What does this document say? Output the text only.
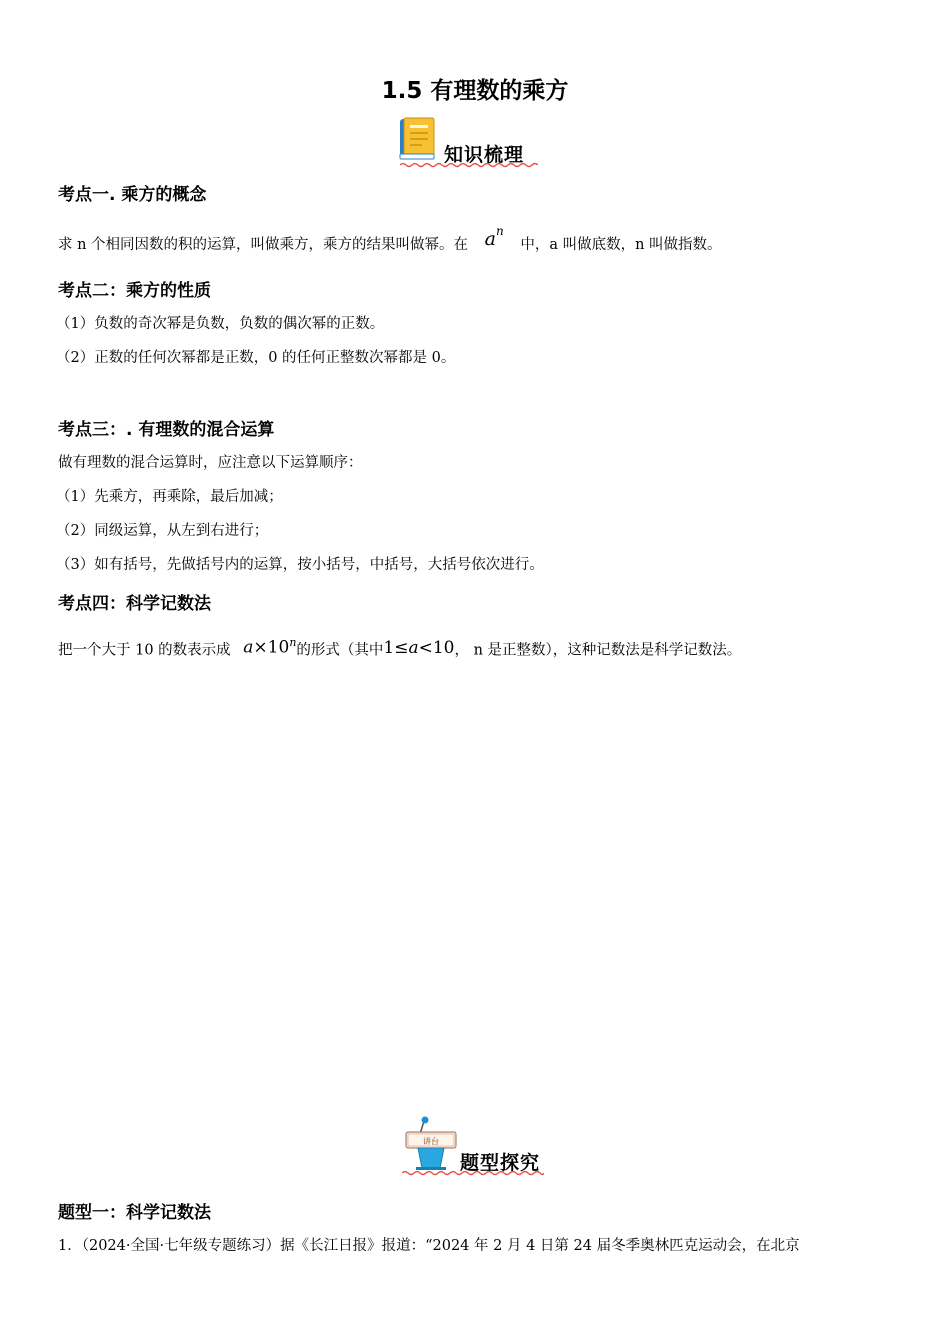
1.5 有理数的乘方
知识梳理
考点一. 乘方的概念
求 n 个相同因数的积的运算，叫做乘方，乘方的结果叫做幂。在 $a^n$ 中，a 叫做底数，n 叫做指数。
考点二：乘方的性质
（1）负数的奇次幂是负数，负数的偶次幂的正数。
（2）正数的任何次幂都是正数，0 的任何正整数次幂都是 0。
考点三：. 有理数的混合运算
做有理数的混合运算时，应注意以下运算顺序：
（1）先乘方，再乘除，最后加减；
（2）同级运算，从左到右进行；
（3）如有括号，先做括号内的运算，按小括号，中括号，大括号依次进行。
考点四：科学记数法
把一个大于 10 的数表示成 $a\times 10^n$的形式（其中1≤a<10， n 是正整数），这种记数法是科学记数法。
讲台
题型探究
题型一：科学记数法
1．（2024·全国·七年级专题练习）据《长江日报》报道：“2024 年 2 月 4 日第 24 届冬季奥林匹克运动会，在北京
